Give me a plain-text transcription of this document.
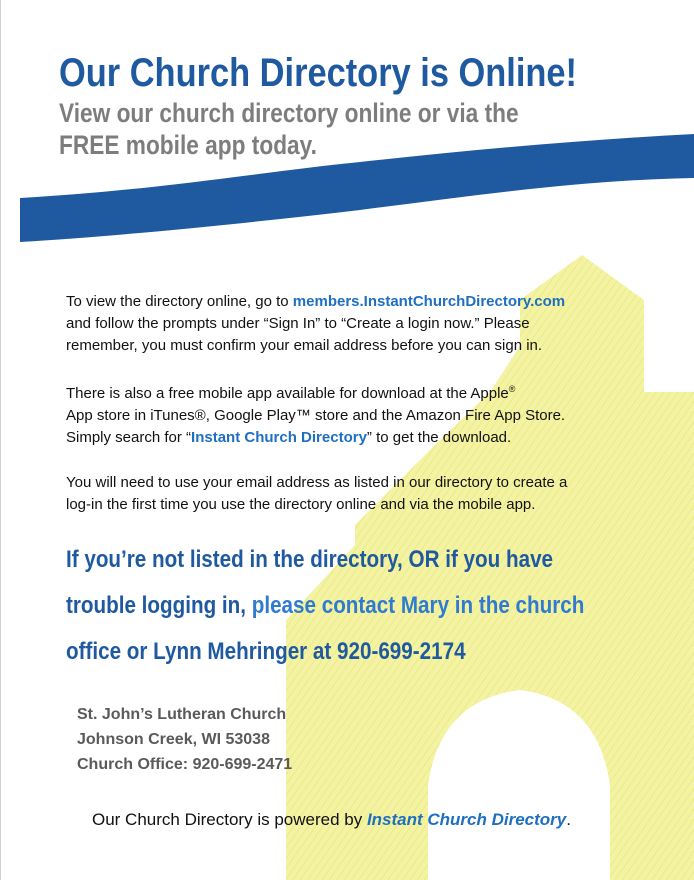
Our Church Directory is Online!
View our church directory online or via the
FREE mobile app today.
To view the directory online, go to members.InstantChurchDirectory.com
and follow the prompts under “Sign In” to “Create a login now.” Please
remember, you must confirm your email address before you can sign in.
There is also a free mobile app available for download at the Apple®
App store in iTunes®, Google Play™ store and the Amazon Fire App Store.
Simply search for “Instant Church Directory” to get the download.
You will need to use your email address as listed in our directory to create a
log-in the first time you use the directory online and via the mobile app.
If you’re not listed in the directory, OR if you have
trouble logging in, please contact Mary in the church
office or Lynn Mehringer at 920-699-2174
St. John’s Lutheran Church
Johnson Creek, WI 53038
Church Office: 920-699-2471
Our Church Directory is powered by Instant Church Directory.
